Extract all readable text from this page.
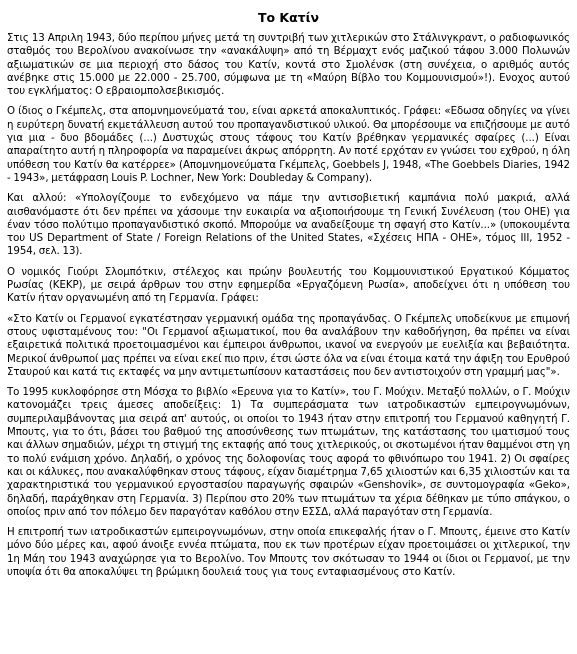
Το Κατίν

Στις 13 Απριλη 1943, δύο περίπου μήνες μετά τη συντριβή των χιτλερικών στο Στάλινγκραντ, ο ραδιοφωνικός σταθμός του Βερολίνου ανακοίνωσε την «ανακάλυψη» από τη Βέρμαχτ ενός μαζικού τάφου 3.000 Πολωνών αξιωματικών σε μια περιοχή στο δάσος του Κατίν, κοντά στο Σμολένσκ (στη συνέχεια, ο αριθμός αυτός ανέβηκε στις 15.000 με 22.000 - 25.700, σύμφωνα με τη «Μαύρη Βίβλο του Κομμουνισμού»!). Ενοχος αυτού του εγκλήματος: Ο εβραιομπολσεβικισμός.

Ο ίδιος ο Γκέμπελς, στα απομνημονεύματά του, είναι αρκετά αποκαλυπτικός. Γράφει: «Εδωσα οδηγίες να γίνει η ευρύτερη δυνατή εκμετάλλευση αυτού του προπαγανδιστικού υλικού. Θα μπορέσουμε να επιζήσουμε με αυτό για μια - δυο βδομάδες (...) Δυστυχώς στους τάφους του Κατίν βρέθηκαν γερμανικές σφαίρες (...) Είναι απαραίτητο αυτή η πληροφορία να παραμείνει άκρως απόρρητη. Αν ποτέ ερχόταν εν γνώσει του εχθρού, η όλη υπόθεση του Κατίν θα κατέρρεε» (Απομνημονεύματα Γκέμπελς, Goebbels J, 1948, «The Goebbels Diaries, 1942 - 1943», μετάφραση Louis P. Lochner, New York: Doubleday & Company).

Και αλλού: «Υπολογίζουμε το ενδεχόμενο να πάμε την αντισοβιετική καμπάνια πολύ μακριά, αλλά αισθανόμαστε ότι δεν πρέπει να χάσουμε την ευκαιρία να αξιοποιήσουμε τη Γενική Συνέλευση (του ΟΗΕ) για έναν τόσο πολύτιμο προπαγανδιστικό σκοπό. Μπορούμε να αναδείξουμε τη σφαγή στο Κατίν...» (υποκουμέντα του US Department of State / Foreign Relations of the United States, «Σχέσεις ΗΠΑ - ΟΗΕ», τόμος ΙΙΙ, 1952 - 1954, σελ. 13).

Ο νομικός Γιούρι Σλομπότκιν, στέλεχος και πρώην βουλευτής του Κομμουνιστικού Εργατικού Κόμματος Ρωσίας (ΚΕΚΡ), με σειρά άρθρων του στην εφημερίδα «Εργαζόμενη Ρωσία», αποδείχνει ότι η υπόθεση του Κατίν ήταν οργανωμένη από τη Γερμανία. Γράφει:

«Στο Κατίν οι Γερμανοί εγκατέστησαν γερμανική ομάδα της προπαγάνδας. Ο Γκέμπελς υποδείκνυε με επιμονή στους υφισταμένους του: "Οι Γερμανοί αξιωματικοί, που θα αναλάβουν την καθοδήγηση, θα πρέπει να είναι εξαιρετικά πολιτικά προετοιμασμένοι και έμπειροι άνθρωποι, ικανοί να ενεργούν με ευελιξία και βεβαιότητα. Μερικοί άνθρωποί μας πρέπει να είναι εκεί πιο πριν, έτσι ώστε όλα να είναι έτοιμα κατά την άφιξη του Ερυθρού Σταυρού και κατά τις εκταφές να μην αντιμετωπίσουν καταστάσεις που δεν αντιστοιχούν στη γραμμή μας"».

Το 1995 κυκλοφόρησε στη Μόσχα το βιβλίο «Ερευνα για το Κατίν», του Γ. Μούχιν. Μεταξύ πολλών, ο Γ. Μούχιν κατονομάζει τρεις άμεσες αποδείξεις: 1) Τα συμπεράσματα των ιατροδικαστών εμπειρογνωμόνων, συμπεριλαμβάνοντας μια σειρά απ' αυτούς, οι οποίοι το 1943 ήταν στην επιτροπή του Γερμανού καθηγητή Γ. Μπουτς, για το ότι, βάσει του βαθμού της αποσύνθεσης των πτωμάτων, της κατάστασης του ιματισμού τους και άλλων σημαδιών, μέχρι τη στιγμή της εκταφής από τους χιτλερικούς, οι σκοτωμένοι ήταν θαμμένοι στη γη το πολύ ενάμιση χρόνο. Δηλαδή, ο χρόνος της δολοφονίας τους αφορά το φθινόπωρο του 1941. 2) Οι σφαίρες και οι κάλυκες, που ανακαλύφθηκαν στους τάφους, είχαν διαμέτρημα 7,65 χιλιοστών και 6,35 χιλιοστών και τα χαρακτηριστικά του γερμανικού εργοστασίου παραγωγής σφαιρών «Genshovik», σε συντομογραφία «Geko», δηλαδή, παράχθηκαν στη Γερμανία. 3) Περίπου στο 20% των πτωμάτων τα χέρια δέθηκαν με τύπο σπάγκου, ο οποίος πριν από τον πόλεμο δεν παραγόταν καθόλου στην ΕΣΣΔ, αλλά παραγόταν στη Γερμανία.

Η επιτροπή των ιατροδικαστών εμπειρογνωμόνων, στην οποία επικεφαλής ήταν ο Γ. Μπουτς, έμεινε στο Κατίν μόνο δύο μέρες και, αφού άνοιξε εννέα πτώματα, που εκ των προτέρων είχαν προετοιμάσει οι χιτλερικοί, την 1η Μάη του 1943 αναχώρησε για το Βερολίνο. Τον Μπουτς τον σκότωσαν το 1944 οι ίδιοι οι Γερμανοί, με την υποψία ότι θα αποκαλύψει τη βρώμικη δουλειά τους για τους ενταφιασμένους στο Κατίν.
